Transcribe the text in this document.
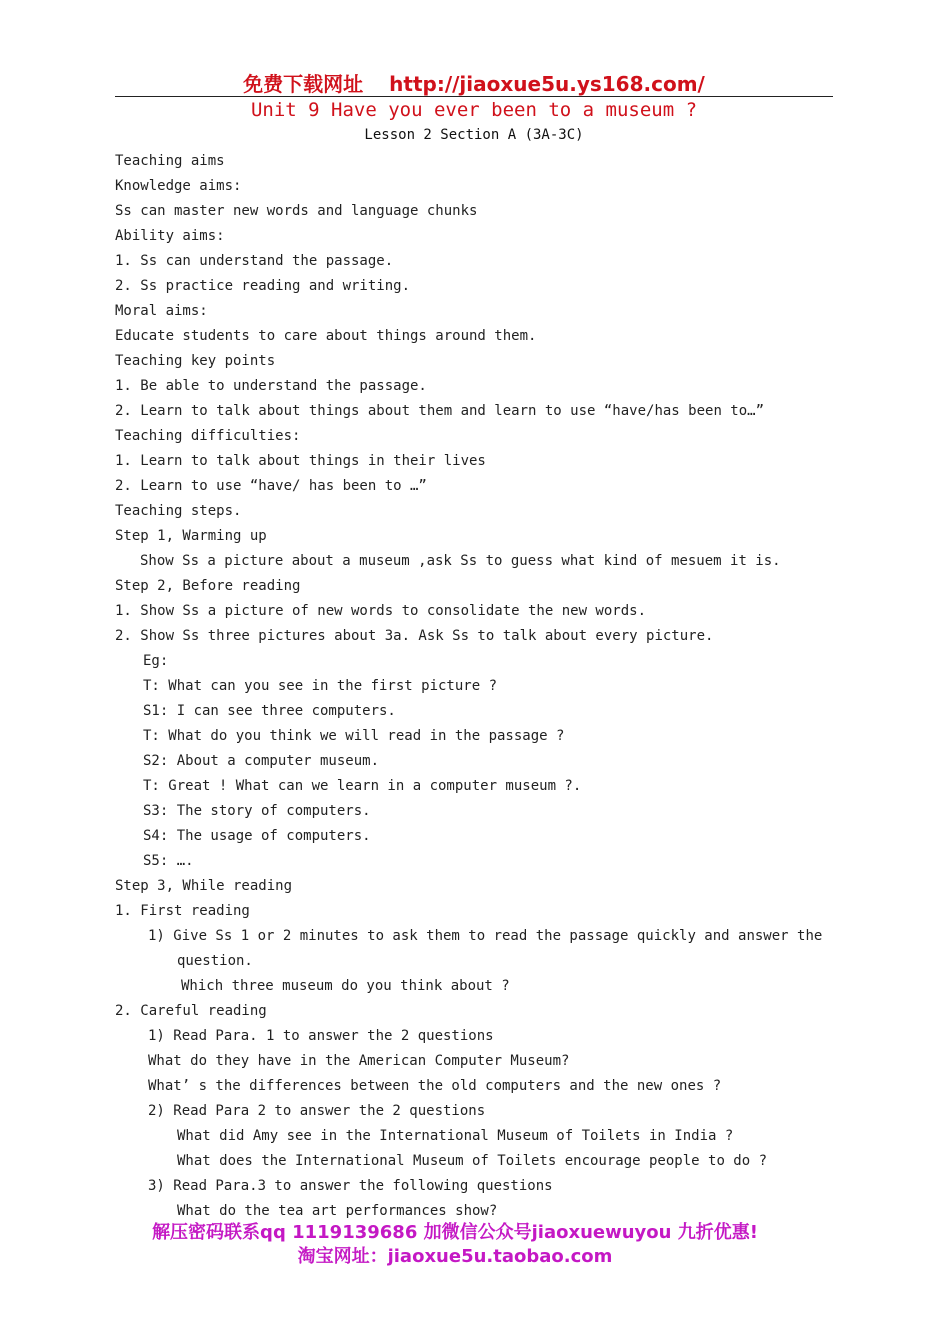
免费下载网址 http://jiaoxue5u.ys168.com/
Unit 9 Have you ever been to a museum ?
Lesson 2 Section A (3A-3C)
Teaching aims
Knowledge aims:
Ss can master new words and language chunks
Ability aims:
1. Ss can understand the passage.
2. Ss practice reading and writing.
Moral aims:
Educate students to care about things around them.
Teaching key points
1. Be able to understand the passage.
2. Learn to talk about things about them and learn to use “have/has been to…”
Teaching difficulties:
1. Learn to talk about things in their lives
2. Learn to use “have/ has been to …”
Teaching steps.
Step 1, Warming up
Show Ss a picture about a museum ,ask Ss to guess what kind of mesuem it is.
Step 2, Before reading
1. Show Ss a picture of new words to consolidate the new words.
2. Show Ss three pictures about 3a. Ask Ss to talk about every picture.
Eg:
T: What can you see in the first picture ?
S1: I can see three computers.
T: What do you think we will read in the passage ?
S2: About a computer museum.
T: Great ! What can we learn in a computer museum ?.
S3: The story of computers.
S4: The usage of computers.
S5: ….
Step 3, While reading
1. First reading
1) Give Ss 1 or 2 minutes to ask them to read the passage quickly and answer the
question.
Which three museum do you think about ?
2. Careful reading
1) Read Para. 1 to answer the 2 questions
What do they have in the American Computer Museum?
What’ s the differences between the old computers and the new ones ?
2) Read Para 2 to answer the 2 questions
What did Amy see in the International Museum of Toilets in India ?
What does the International Museum of Toilets encourage people to do ?
3) Read Para.3 to answer the following questions
What do the tea art performances show?
解压密码联系qq 1119139686 加微信公众号jiaoxuewuyou 九折优惠!
淘宝网址：jiaoxue5u.taobao.com
